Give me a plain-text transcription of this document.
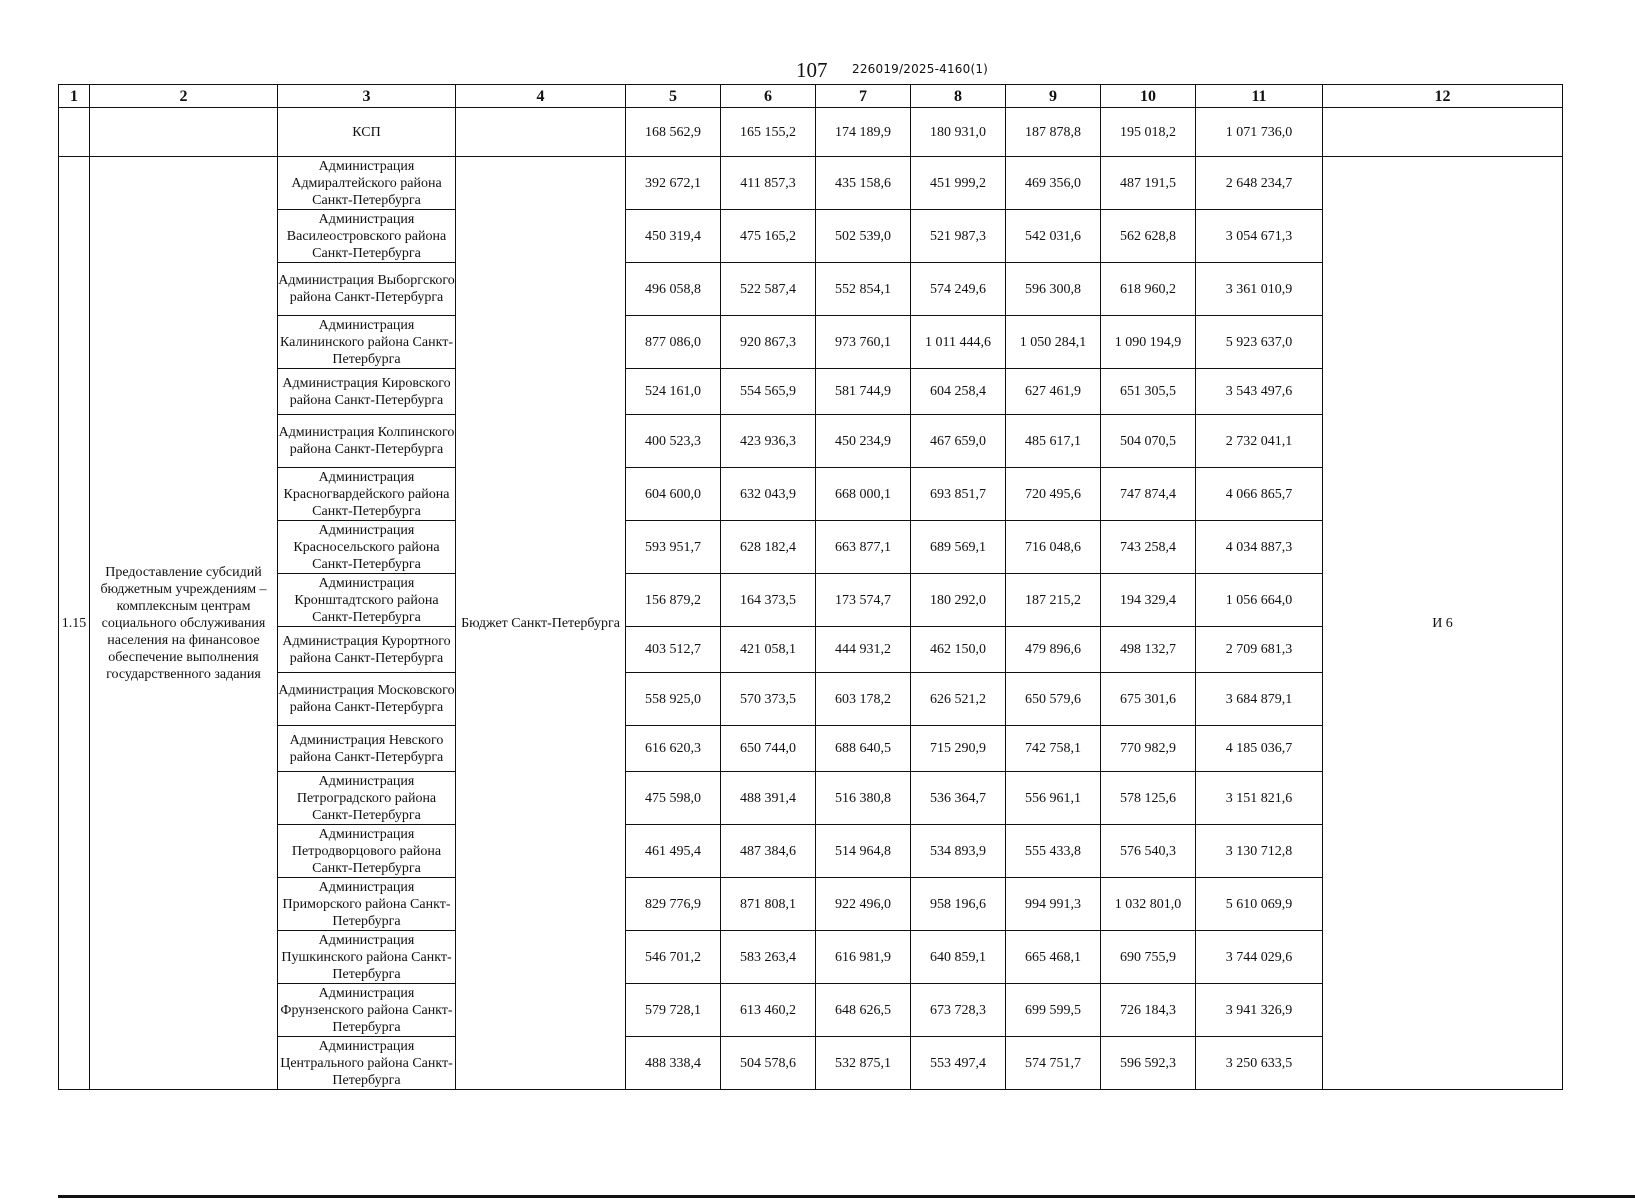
107 226019/2025-4160(1)
1	2	3	4	5	6	7	8	9	10	11	12
		КСП		168 562,9	165 155,2	174 189,9	180 931,0	187 878,8	195 018,2	1 071 736,0	
1.15	Предоставление субсидий бюджетным учреждениям – комплексным центрам социального обслуживания населения на финансовое обеспечение выполнения государственного задания	Администрация Адмиралтейского района Санкт-Петербурга	Бюджет Санкт-Петербурга	392 672,1	411 857,3	435 158,6	451 999,2	469 356,0	487 191,5	2 648 234,7	И 6
		Администрация Василеостровского района Санкт-Петербурга		450 319,4	475 165,2	502 539,0	521 987,3	542 031,6	562 628,8	3 054 671,3	
		Администрация Выборгского района Санкт-Петербурга		496 058,8	522 587,4	552 854,1	574 249,6	596 300,8	618 960,2	3 361 010,9	
		Администрация Калининского района Санкт-Петербурга		877 086,0	920 867,3	973 760,1	1 011 444,6	1 050 284,1	1 090 194,9	5 923 637,0	
		Администрация Кировского района Санкт-Петербурга		524 161,0	554 565,9	581 744,9	604 258,4	627 461,9	651 305,5	3 543 497,6	
		Администрация Колпинского района Санкт-Петербурга		400 523,3	423 936,3	450 234,9	467 659,0	485 617,1	504 070,5	2 732 041,1	
		Администрация Красногвардейского района Санкт-Петербурга		604 600,0	632 043,9	668 000,1	693 851,7	720 495,6	747 874,4	4 066 865,7	
		Администрация Красносельского района Санкт-Петербурга		593 951,7	628 182,4	663 877,1	689 569,1	716 048,6	743 258,4	4 034 887,3	
		Администрация Кронштадтского района Санкт-Петербурга		156 879,2	164 373,5	173 574,7	180 292,0	187 215,2	194 329,4	1 056 664,0	
		Администрация Курортного района Санкт-Петербурга		403 512,7	421 058,1	444 931,2	462 150,0	479 896,6	498 132,7	2 709 681,3	
		Администрация Московского района Санкт-Петербурга		558 925,0	570 373,5	603 178,2	626 521,2	650 579,6	675 301,6	3 684 879,1	
		Администрация Невского района Санкт-Петербурга		616 620,3	650 744,0	688 640,5	715 290,9	742 758,1	770 982,9	4 185 036,7	
		Администрация Петроградского района Санкт-Петербурга		475 598,0	488 391,4	516 380,8	536 364,7	556 961,1	578 125,6	3 151 821,6	
		Администрация Петродворцового района Санкт-Петербурга		461 495,4	487 384,6	514 964,8	534 893,9	555 433,8	576 540,3	3 130 712,8	
		Администрация Приморского района Санкт-Петербурга		829 776,9	871 808,1	922 496,0	958 196,6	994 991,3	1 032 801,0	5 610 069,9	
		Администрация Пушкинского района Санкт-Петербурга		546 701,2	583 263,4	616 981,9	640 859,1	665 468,1	690 755,9	3 744 029,6	
		Администрация Фрунзенского района Санкт-Петербурга		579 728,1	613 460,2	648 626,5	673 728,3	699 599,5	726 184,3	3 941 326,9	
		Администрация Центрального района Санкт-Петербурга		488 338,4	504 578,6	532 875,1	553 497,4	574 751,7	596 592,3	3 250 633,5	
